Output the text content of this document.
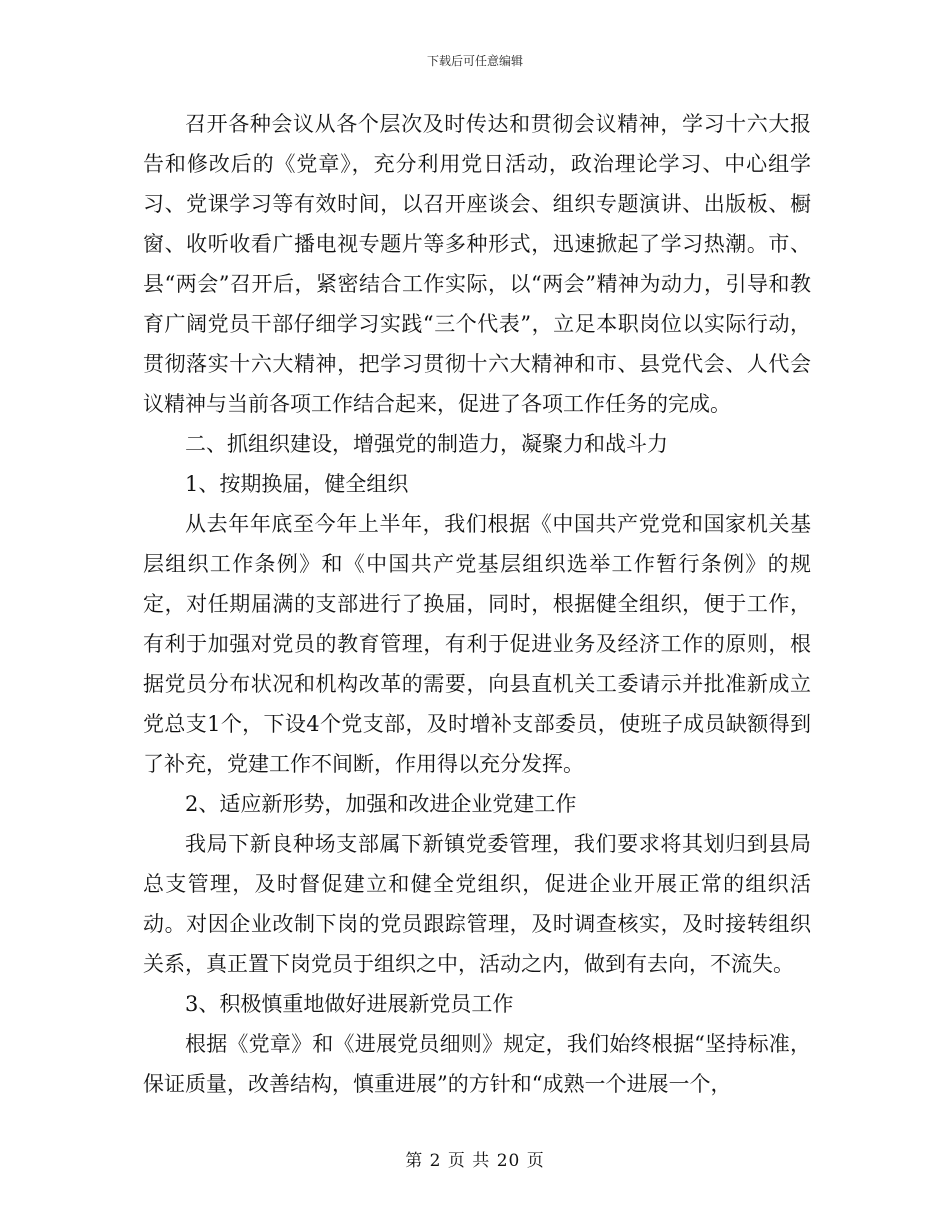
下载后可任意编辑

召开各种会议从各个层次及时传达和贯彻会议精神，学习十六大报告和修改后的《党章》，充分利用党日活动，政治理论学习、中心组学习、党课学习等有效时间，以召开座谈会、组织专题演讲、出版板、橱窗、收听收看广播电视专题片等多种形式，迅速掀起了学习热潮。市、县“两会”召开后，紧密结合工作实际，以“两会”精神为动力，引导和教育广阔党员干部仔细学习实践“三个代表”，立足本职岗位以实际行动，贯彻落实十六大精神，把学习贯彻十六大精神和市、县党代会、人代会议精神与当前各项工作结合起来，促进了各项工作任务的完成。

二、抓组织建设，增强党的制造力，凝聚力和战斗力

1、按期换届，健全组织

从去年年底至今年上半年，我们根据《中国共产党党和国家机关基层组织工作条例》和《中国共产党基层组织选举工作暂行条例》的规定，对任期届满的支部进行了换届，同时，根据健全组织，便于工作，有利于加强对党员的教育管理，有利于促进业务及经济工作的原则，根据党员分布状况和机构改革的需要，向县直机关工委请示并批准新成立党总支1个，下设4个党支部，及时增补支部委员，使班子成员缺额得到了补充，党建工作不间断，作用得以充分发挥。

2、适应新形势，加强和改进企业党建工作

我局下新良种场支部属下新镇党委管理，我们要求将其划归到县局总支管理，及时督促建立和健全党组织，促进企业开展正常的组织活动。对因企业改制下岗的党员跟踪管理，及时调查核实，及时接转组织关系，真正置下岗党员于组织之中，活动之内，做到有去向，不流失。

3、积极慎重地做好进展新党员工作

根据《党章》和《进展党员细则》规定，我们始终根据“坚持标准，保证质量，改善结构，慎重进展”的方针和“成熟一个进展一个，

第 2 页 共 20 页
